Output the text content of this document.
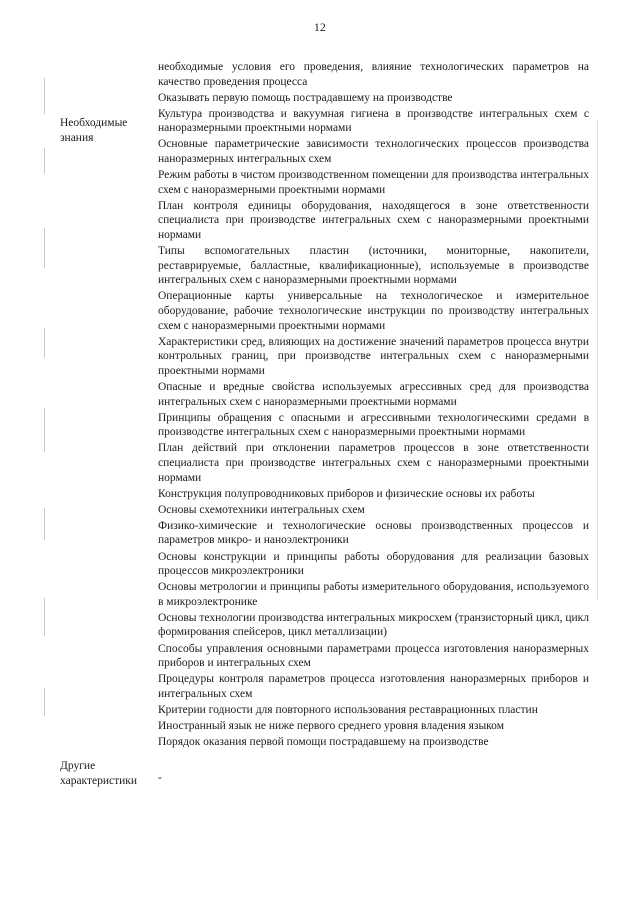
12
Необходимые
знания

необходимые условия его проведения, влияние технологических параметров на качество проведения процесса

Оказывать первую помощь пострадавшему на производстве

Культура производства и вакуумная гигиена в производстве интегральных схем с наноразмерными проектными нормами

Основные параметрические зависимости технологических процессов производства наноразмерных интегральных схем

Режим работы в чистом производственном помещении для производства интегральных схем с наноразмерными проектными нормами

План контроля единицы оборудования, находящегося в зоне ответственности специалиста при производстве интегральных схем с наноразмерными проектными нормами

Типы вспомогательных пластин (источники, мониторные, накопители, реставрируемые, балластные, квалификационные), используемые в производстве интегральных схем с наноразмерными проектными нормами

Операционные карты универсальные на технологическое и измерительное оборудование, рабочие технологические инструкции по производству интегральных схем с наноразмерными проектными нормами

Характеристики сред, влияющих на достижение значений параметров процесса внутри контрольных границ, при производстве интегральных схем с наноразмерными проектными нормами

Опасные и вредные свойства используемых агрессивных сред для производства интегральных схем с наноразмерными проектными нормами

Принципы обращения с опасными и агрессивными технологическими средами в производстве интегральных схем с наноразмерными проектными нормами

План действий при отклонении параметров процессов в зоне ответственности специалиста при производстве интегральных схем с наноразмерными проектными нормами

Конструкция полупроводниковых приборов и физические основы их работы

Основы схемотехники интегральных схем

Физико-химические и технологические основы производственных процессов и параметров микро- и наноэлектроники

Основы конструкции и принципы работы оборудования для реализации базовых процессов микроэлектроники

Основы метрологии и принципы работы измерительного оборудования, используемого в микроэлектронике

Основы технологии производства интегральных микросхем (транзисторный цикл, цикл формирования спейсеров, цикл металлизации)

Способы управления основными параметрами процесса изготовления наноразмерных приборов и интегральных схем

Процедуры контроля параметров процесса изготовления наноразмерных приборов и интегральных схем

Критерии годности для повторного использования реставрационных пластин

Иностранный язык не ниже первого среднего уровня владения языком

Порядок оказания первой помощи пострадавшему на производстве

Другие
характеристики	-
